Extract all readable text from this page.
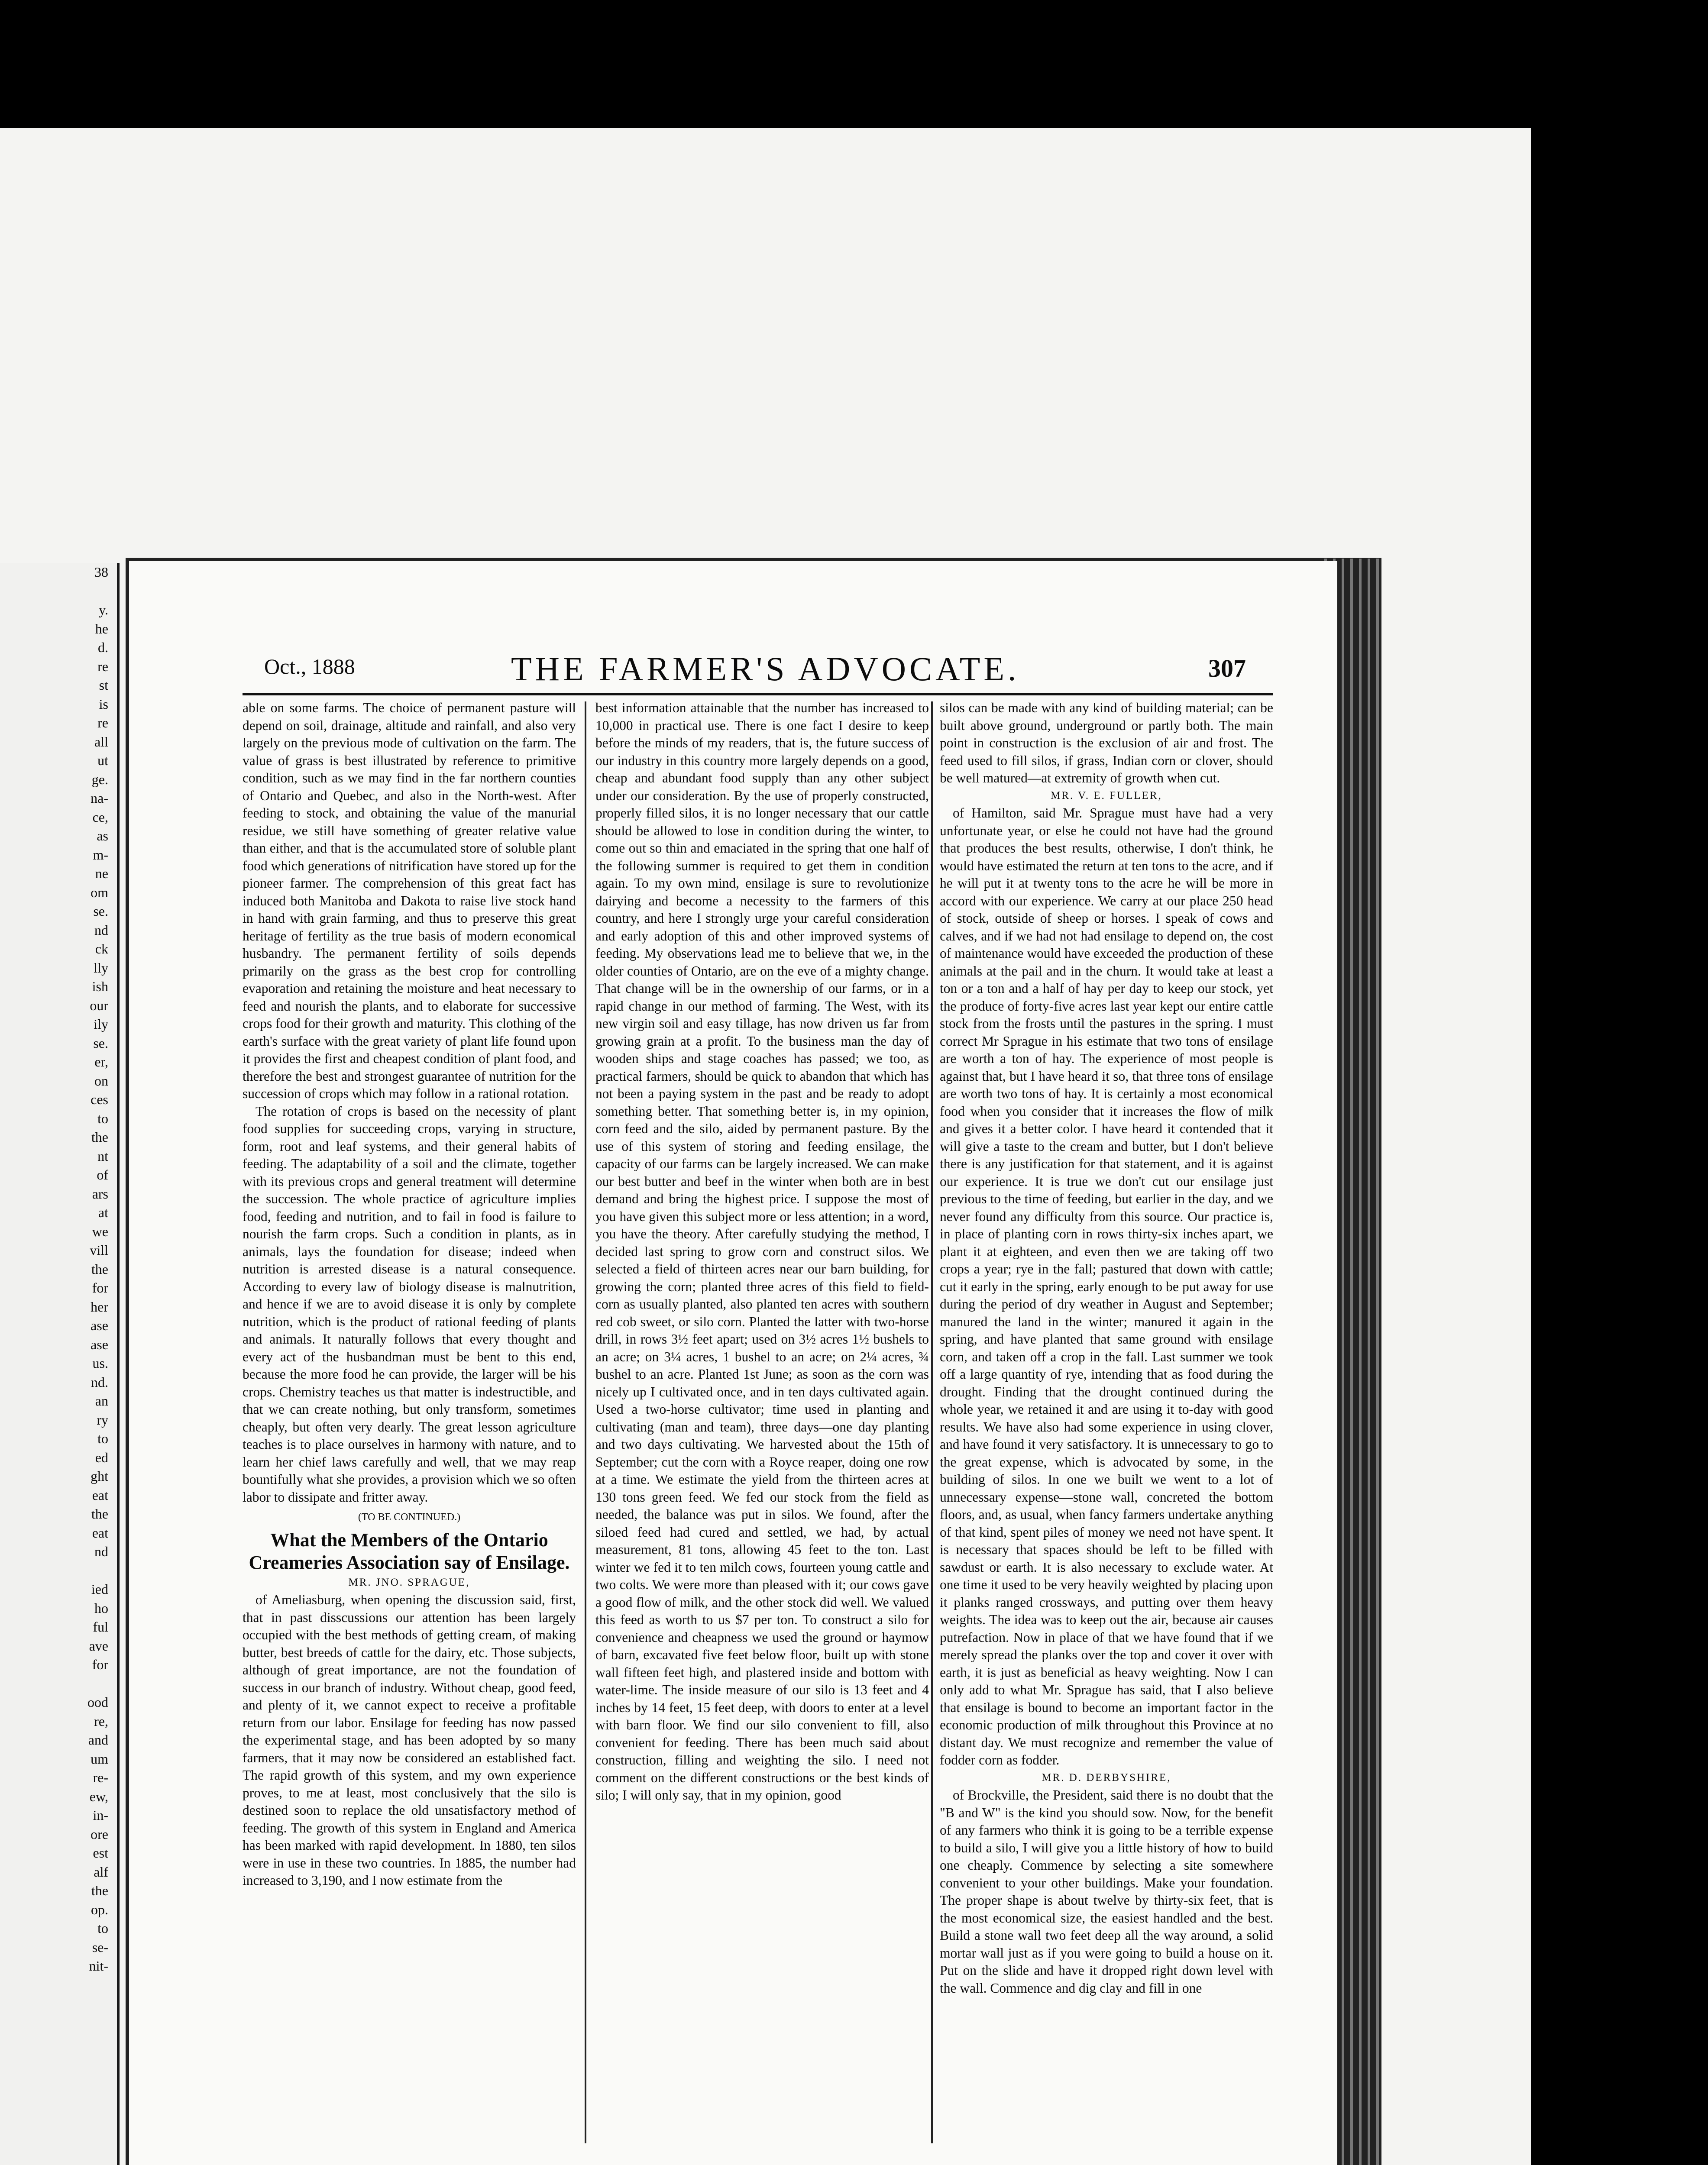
38

y.
he
d.
re
st
is
re
all
ut
ge.
na-
ce,
as
m-
ne
om
se.
nd
ck
lly
ish
our
ily
se.
er,
on
ces
to
the
nt
of
ars
at
we
vill
the
for
her
ase
ase
us.
nd.
an
ry
to
ed
ght
eat
the
eat
nd

ied
ho
ful
ave
for

ood
re,
and
um
re-
ew,
in-
ore
est
alf
the
op.
to
se-
nit-
Oct., 1888	THE FARMER'S ADVOCATE.	307

able on some farms. The choice of permanent pasture will depend on soil, drainage, altitude and rainfall, and also very largely on the previous mode of cultivation on the farm. The value of grass is best illustrated by reference to primitive condition, such as we may find in the far northern counties of Ontario and Quebec, and also in the North-west. After feeding to stock, and obtaining the value of the manurial residue, we still have something of greater relative value than either, and that is the accumulated store of soluble plant food which generations of nitrification have stored up for the pioneer farmer. The comprehension of this great fact has induced both Manitoba and Dakota to raise live stock hand in hand with grain farming, and thus to preserve this great heritage of fertility as the true basis of modern economical husbandry. The permanent fertility of soils depends primarily on the grass as the best crop for controlling evaporation and retaining the moisture and heat necessary to feed and nourish the plants, and to elaborate for successive crops food for their growth and maturity. This clothing of the earth's surface with the great variety of plant life found upon it provides the first and cheapest condition of plant food, and therefore the best and strongest guarantee of nutrition for the succession of crops which may follow in a rational rotation.

The rotation of crops is based on the necessity of plant food supplies for succeeding crops, varying in structure, form, root and leaf systems, and their general habits of feeding. The adaptability of a soil and the climate, together with its previous crops and general treatment will determine the succession. The whole practice of agriculture implies food, feeding and nutrition, and to fail in food is failure to nourish the farm crops. Such a condition in plants, as in animals, lays the foundation for disease; indeed when nutrition is arrested disease is a natural consequence. According to every law of biology disease is malnutrition, and hence if we are to avoid disease it is only by complete nutrition, which is the product of rational feeding of plants and animals. It naturally follows that every thought and every act of the husbandman must be bent to this end, because the more food he can provide, the larger will be his crops. Chemistry teaches us that matter is indestructible, and that we can create nothing, but only transform, sometimes cheaply, but often very dearly. The great lesson agriculture teaches is to place ourselves in harmony with nature, and to learn her chief laws carefully and well, that we may reap bountifully what she provides, a provision which we so often labor to dissipate and fritter away.

(TO BE CONTINUED.)

What the Members of the Ontario Creameries Association say of Ensilage.

MR. JNO. SPRAGUE,

of Ameliasburg, when opening the discussion said, first, that in past disscussions our attention has been largely occupied with the best methods of getting cream, of making butter, best breeds of cattle for the dairy, etc. Those subjects, although of great importance, are not the foundation of success in our branch of industry. Without cheap, good feed, and plenty of it, we cannot expect to receive a profitable return from our labor. Ensilage for feeding has now passed the experimental stage, and has been adopted by so many farmers, that it may now be considered an established fact. The rapid growth of this system, and my own experience proves, to me at least, most conclusively that the silo is destined soon to replace the old unsatisfactory method of feeding. The growth of this system in England and America has been marked with rapid development. In 1880, ten silos were in use in these two countries. In 1885, the number had increased to 3,190, and I now estimate from the

best information attainable that the number has increased to 10,000 in practical use. There is one fact I desire to keep before the minds of my readers, that is, the future success of our industry in this country more largely depends on a good, cheap and abundant food supply than any other subject under our consideration. By the use of properly constructed, properly filled silos, it is no longer necessary that our cattle should be allowed to lose in condition during the winter, to come out so thin and emaciated in the spring that one half of the following summer is required to get them in condition again. To my own mind, ensilage is sure to revolutionize dairying and become a necessity to the farmers of this country, and here I strongly urge your careful consideration and early adoption of this and other improved systems of feeding. My observations lead me to believe that we, in the older counties of Ontario, are on the eve of a mighty change. That change will be in the ownership of our farms, or in a rapid change in our method of farming. The West, with its new virgin soil and easy tillage, has now driven us far from growing grain at a profit. To the business man the day of wooden ships and stage coaches has passed; we too, as practical farmers, should be quick to abandon that which has not been a paying system in the past and be ready to adopt something better. That something better is, in my opinion, corn feed and the silo, aided by permanent pasture. By the use of this system of storing and feeding ensilage, the capacity of our farms can be largely increased. We can make our best butter and beef in the winter when both are in best demand and bring the highest price. I suppose the most of you have given this subject more or less attention; in a word, you have the theory. After carefully studying the method, I decided last spring to grow corn and construct silos. We selected a field of thirteen acres near our barn building, for growing the corn; planted three acres of this field to field-corn as usually planted, also planted ten acres with southern red cob sweet, or silo corn. Planted the latter with two-horse drill, in rows 3½ feet apart; used on 3½ acres 1½ bushels to an acre; on 3¼ acres, 1 bushel to an acre; on 2¼ acres, ¾ bushel to an acre. Planted 1st June; as soon as the corn was nicely up I cultivated once, and in ten days cultivated again. Used a two-horse cultivator; time used in planting and cultivating (man and team), three days—one day planting and two days cultivating. We harvested about the 15th of September; cut the corn with a Royce reaper, doing one row at a time. We estimate the yield from the thirteen acres at 130 tons green feed. We fed our stock from the field as needed, the balance was put in silos. We found, after the siloed feed had cured and settled, we had, by actual measurement, 81 tons, allowing 45 feet to the ton. Last winter we fed it to ten milch cows, fourteen young cattle and two colts. We were more than pleased with it; our cows gave a good flow of milk, and the other stock did well. We valued this feed as worth to us $7 per ton. To construct a silo for convenience and cheapness we used the ground or haymow of barn, excavated five feet below floor, built up with stone wall fifteen feet high, and plastered inside and bottom with water-lime. The inside measure of our silo is 13 feet and 4 inches by 14 feet, 15 feet deep, with doors to enter at a level with barn floor. We find our silo convenient to fill, also convenient for feeding. There has been much said about construction, filling and weighting the silo. I need not comment on the different constructions or the best kinds of silo; I will only say, that in my opinion, good

silos can be made with any kind of building material; can be built above ground, underground or partly both. The main point in construction is the exclusion of air and frost. The feed used to fill silos, if grass, Indian corn or clover, should be well matured—at extremity of growth when cut.

MR. V. E. FULLER,

of Hamilton, said Mr. Sprague must have had a very unfortunate year, or else he could not have had the ground that produces the best results, otherwise, I don't think, he would have estimated the return at ten tons to the acre, and if he will put it at twenty tons to the acre he will be more in accord with our experience. We carry at our place 250 head of stock, outside of sheep or horses. I speak of cows and calves, and if we had not had ensilage to depend on, the cost of maintenance would have exceeded the production of these animals at the pail and in the churn. It would take at least a ton or a ton and a half of hay per day to keep our stock, yet the produce of forty-five acres last year kept our entire cattle stock from the frosts until the pastures in the spring. I must correct Mr Sprague in his estimate that two tons of ensilage are worth a ton of hay. The experience of most people is against that, but I have heard it so, that three tons of ensilage are worth two tons of hay. It is certainly a most economical food when you consider that it increases the flow of milk and gives it a better color. I have heard it contended that it will give a taste to the cream and butter, but I don't believe there is any justification for that statement, and it is against our experience. It is true we don't cut our ensilage just previous to the time of feeding, but earlier in the day, and we never found any difficulty from this source. Our practice is, in place of planting corn in rows thirty-six inches apart, we plant it at eighteen, and even then we are taking off two crops a year; rye in the fall; pastured that down with cattle; cut it early in the spring, early enough to be put away for use during the period of dry weather in August and September; manured the land in the winter; manured it again in the spring, and have planted that same ground with ensilage corn, and taken off a crop in the fall. Last summer we took off a large quantity of rye, intending that as food during the drought. Finding that the drought continued during the whole year, we retained it and are using it to-day with good results. We have also had some experience in using clover, and have found it very satisfactory. It is unnecessary to go to the great expense, which is advocated by some, in the building of silos. In one we built we went to a lot of unnecessary expense—stone wall, concreted the bottom floors, and, as usual, when fancy farmers undertake anything of that kind, spent piles of money we need not have spent. It is necessary that spaces should be left to be filled with sawdust or earth. It is also necessary to exclude water. At one time it used to be very heavily weighted by placing upon it planks ranged crossways, and putting over them heavy weights. The idea was to keep out the air, because air causes putrefaction. Now in place of that we have found that if we merely spread the planks over the top and cover it over with earth, it is just as beneficial as heavy weighting. Now I can only add to what Mr. Sprague has said, that I also believe that ensilage is bound to become an important factor in the economic production of milk throughout this Province at no distant day. We must recognize and remember the value of fodder corn as fodder.

MR. D. DERBYSHIRE,

of Brockville, the President, said there is no doubt that the "B and W" is the kind you should sow. Now, for the benefit of any farmers who think it is going to be a terrible expense to build a silo, I will give you a little history of how to build one cheaply. Commence by selecting a site somewhere convenient to your other buildings. Make your foundation. The proper shape is about twelve by thirty-six feet, that is the most economical size, the easiest handled and the best. Build a stone wall two feet deep all the way around, a solid mortar wall just as if you were going to build a house on it. Put on the slide and have it dropped right down level with the wall. Commence and dig clay and fill in one
